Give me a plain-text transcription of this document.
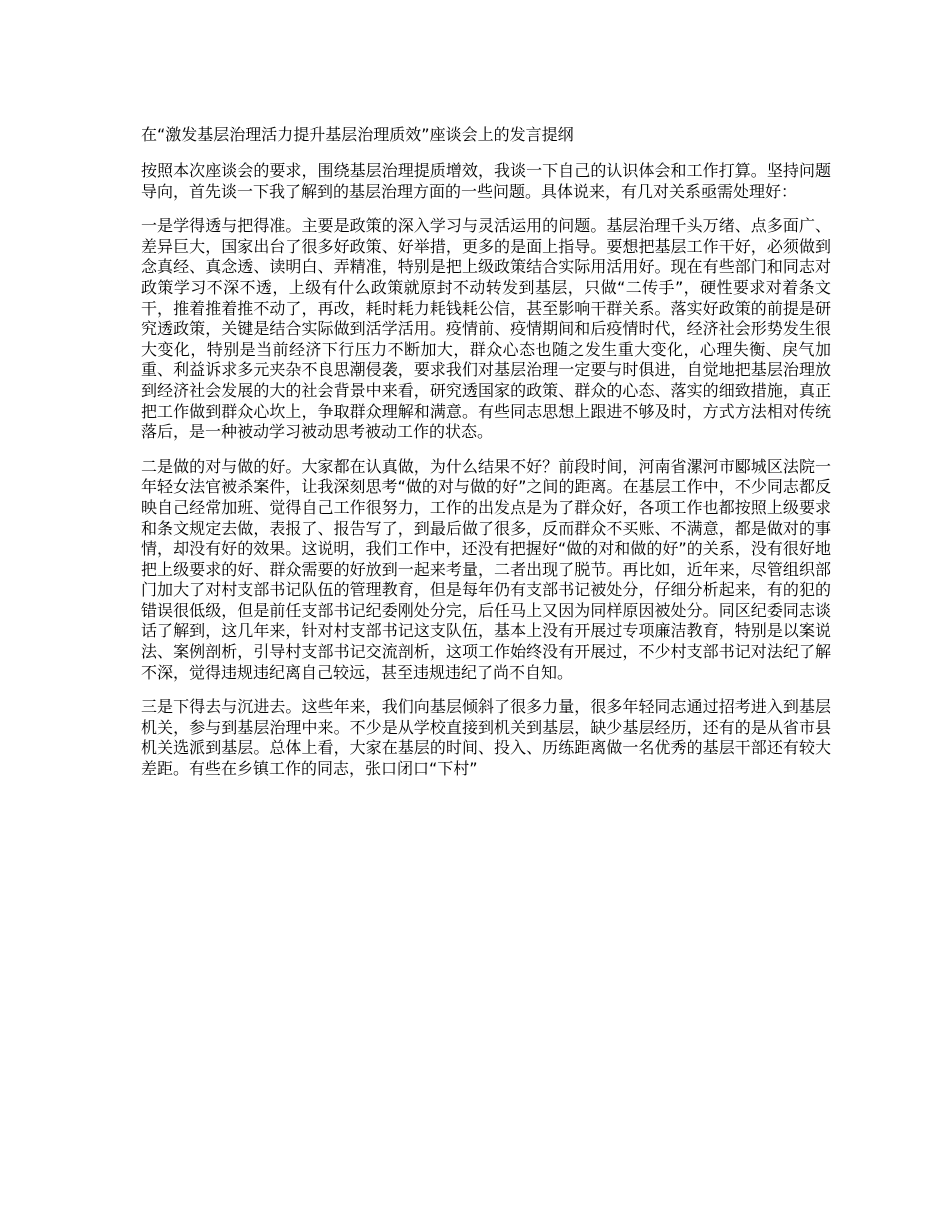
在“激发基层治理活力提升基层治理质效”座谈会上的发言提纲

按照本次座谈会的要求，围绕基层治理提质增效，我谈一下自己的认识体会和工作打算。坚持问题导向，首先谈一下我了解到的基层治理方面的一些问题。具体说来，有几对关系亟需处理好：

一是学得透与把得准。主要是政策的深入学习与灵活运用的问题。基层治理千头万绪、点多面广、差异巨大，国家出台了很多好政策、好举措，更多的是面上指导。要想把基层工作干好，必须做到念真经、真念透、读明白、弄精准，特别是把上级政策结合实际用活用好。现在有些部门和同志对政策学习不深不透，上级有什么政策就原封不动转发到基层，只做“二传手”，硬性要求对着条文干，推着推着推不动了，再改，耗时耗力耗钱耗公信，甚至影响干群关系。落实好政策的前提是研究透政策，关键是结合实际做到活学活用。疫情前、疫情期间和后疫情时代，经济社会形势发生很大变化，特别是当前经济下行压力不断加大，群众心态也随之发生重大变化，心理失衡、戾气加重、利益诉求多元夹杂不良思潮侵袭，要求我们对基层治理一定要与时俱进，自觉地把基层治理放到经济社会发展的大的社会背景中来看，研究透国家的政策、群众的心态、落实的细致措施，真正把工作做到群众心坎上，争取群众理解和满意。有些同志思想上跟进不够及时，方式方法相对传统落后，是一种被动学习被动思考被动工作的状态。

二是做的对与做的好。大家都在认真做，为什么结果不好？前段时间，河南省漯河市郾城区法院一年轻女法官被杀案件，让我深刻思考“做的对与做的好”之间的距离。在基层工作中，不少同志都反映自己经常加班、觉得自己工作很努力，工作的出发点是为了群众好，各项工作也都按照上级要求和条文规定去做，表报了、报告写了，到最后做了很多，反而群众不买账、不满意，都是做对的事情，却没有好的效果。这说明，我们工作中，还没有把握好“做的对和做的好”的关系，没有很好地把上级要求的好、群众需要的好放到一起来考量，二者出现了脱节。再比如，近年来，尽管组织部门加大了对村支部书记队伍的管理教育，但是每年仍有支部书记被处分，仔细分析起来，有的犯的错误很低级，但是前任支部书记纪委刚处分完，后任马上又因为同样原因被处分。同区纪委同志谈话了解到，这几年来，针对村支部书记这支队伍，基本上没有开展过专项廉洁教育，特别是以案说法、案例剖析，引导村支部书记交流剖析，这项工作始终没有开展过，不少村支部书记对法纪了解不深，觉得违规违纪离自己较远，甚至违规违纪了尚不自知。

三是下得去与沉进去。这些年来，我们向基层倾斜了很多力量，很多年轻同志通过招考进入到基层机关，参与到基层治理中来。不少是从学校直接到机关到基层，缺少基层经历，还有的是从省市县机关选派到基层。总体上看，大家在基层的时间、投入、历练距离做一名优秀的基层干部还有较大差距。有些在乡镇工作的同志，张口闭口“下村”
